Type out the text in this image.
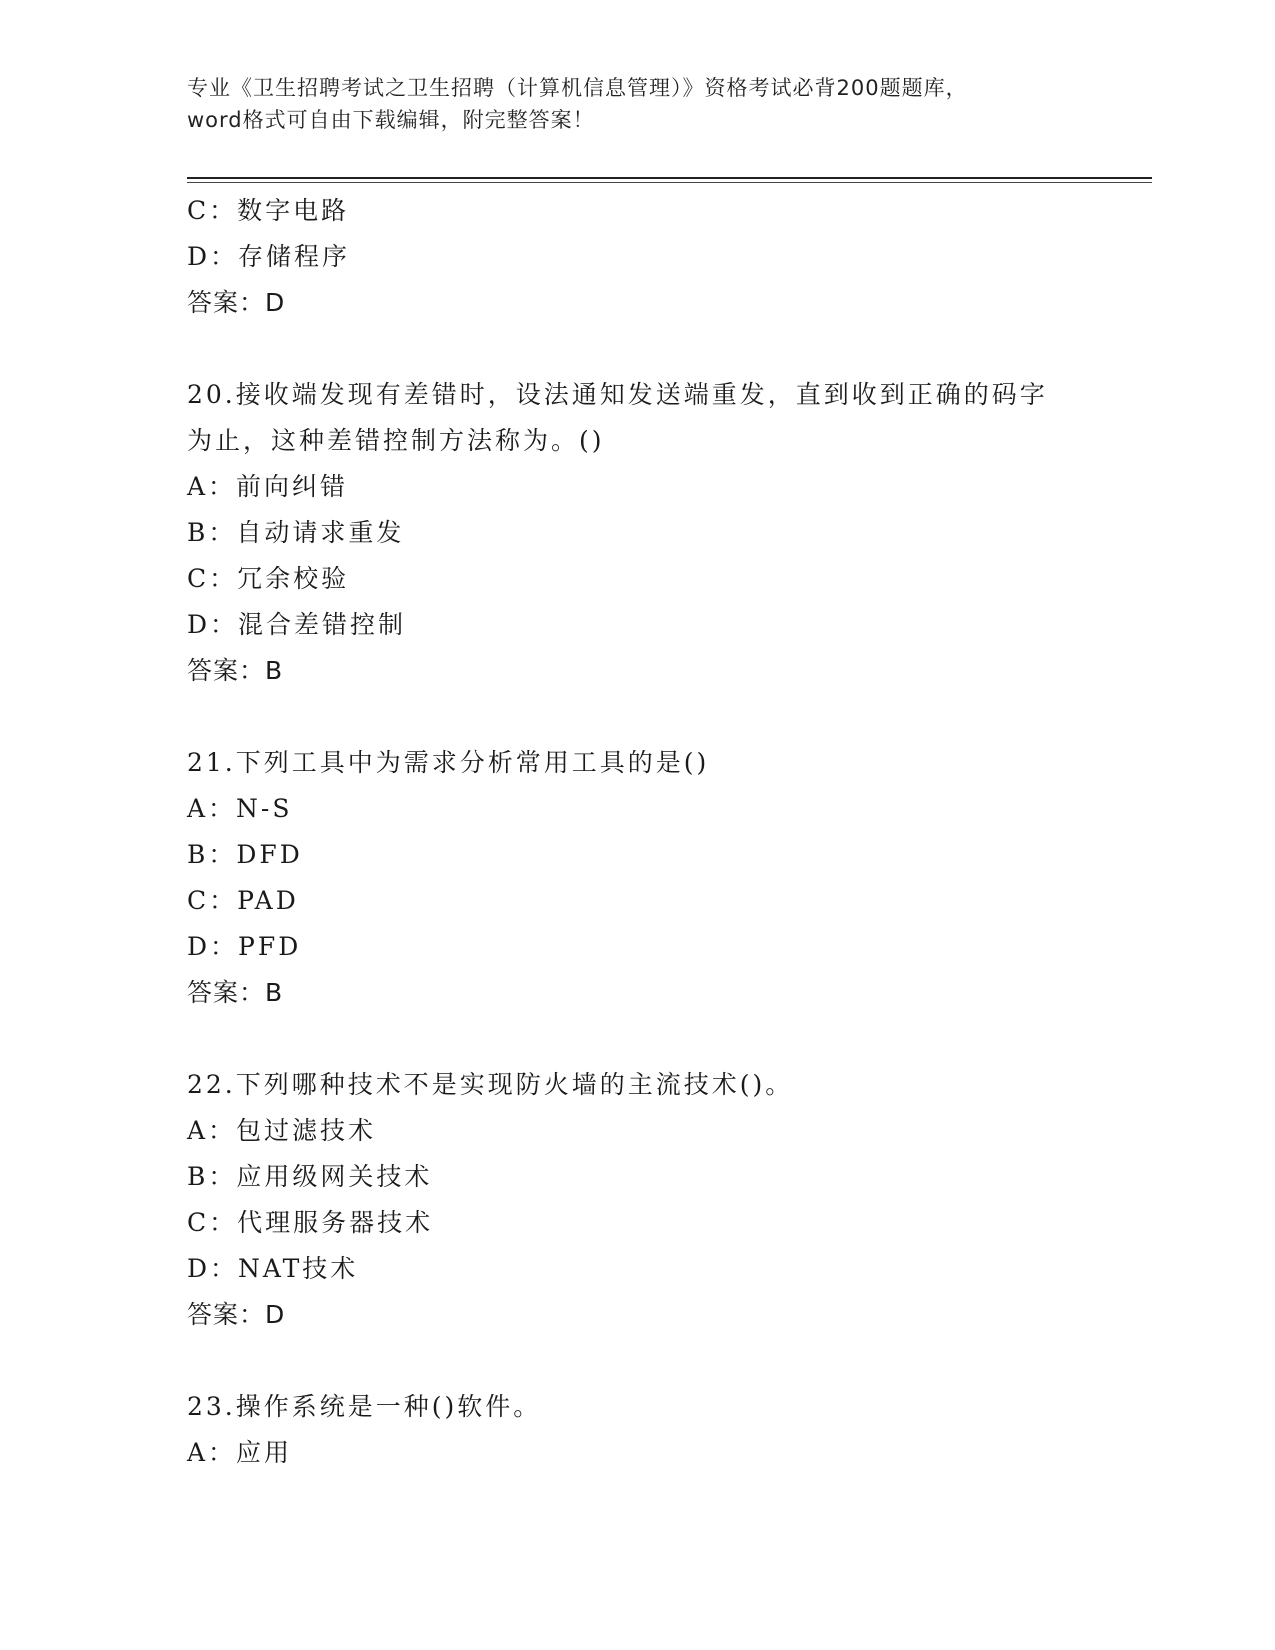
专业《卫生招聘考试之卫生招聘（计算机信息管理）》资格考试必背200题题库，
word格式可自由下载编辑，附完整答案！
C：数字电路
D：存储程序
答案：D
20.接收端发现有差错时，设法通知发送端重发，直到收到正确的码字
为止，这种差错控制方法称为。()
A：前向纠错
B：自动请求重发
C：冗余校验
D：混合差错控制
答案：B
21.下列工具中为需求分析常用工具的是()
A：N-S
B：DFD
C：PAD
D：PFD
答案：B
22.下列哪种技术不是实现防火墙的主流技术()。
A：包过滤技术
B：应用级网关技术
C：代理服务器技术
D：NAT技术
答案：D
23.操作系统是一种()软件。
A：应用
